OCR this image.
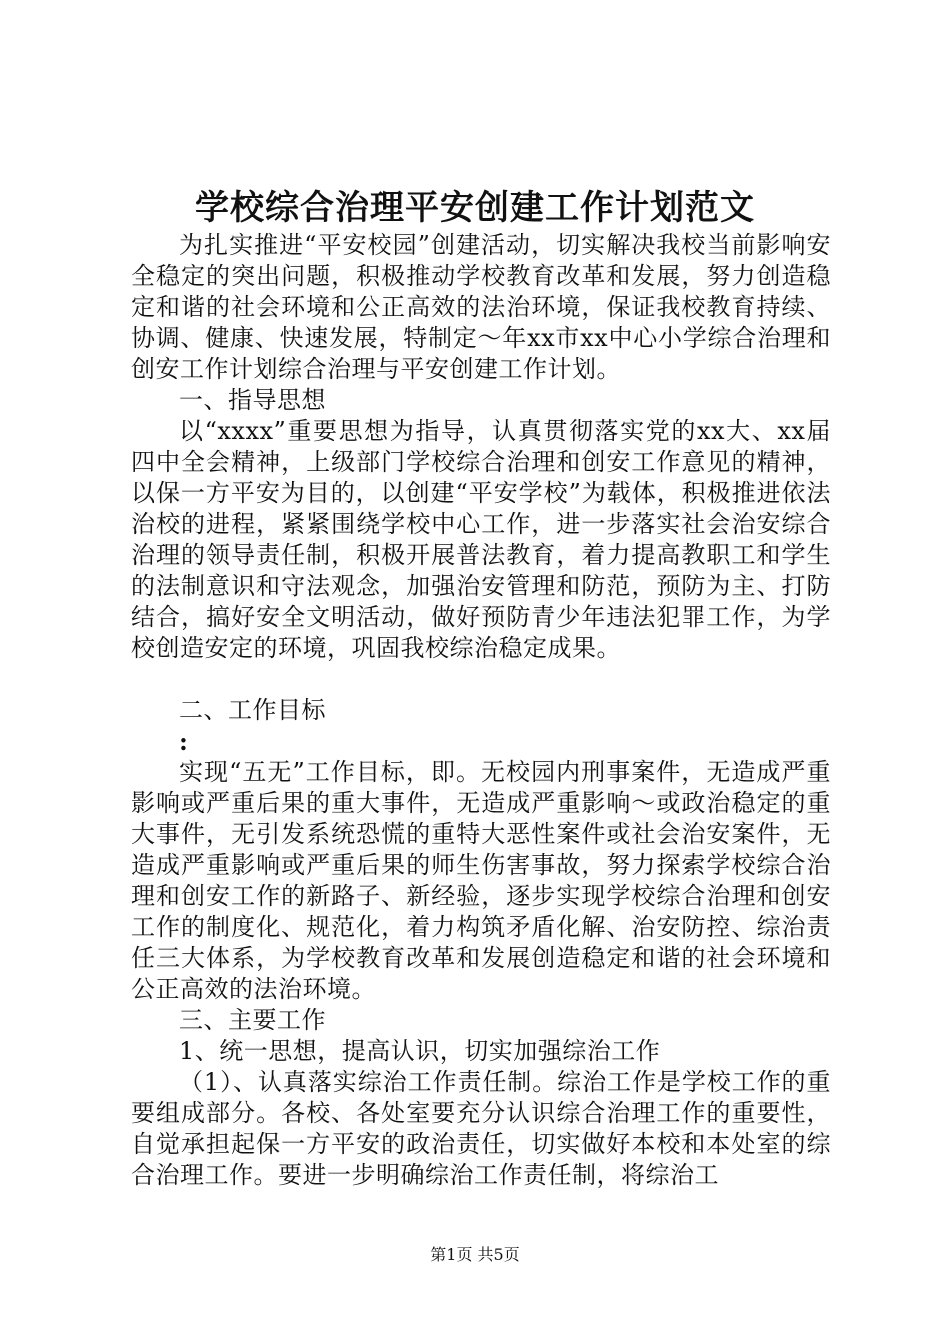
学校综合治理平安创建工作计划范文

为扎实推进“平安校园”创建活动，切实解决我校当前影响安全稳定的突出问题，积极推动学校教育改革和发展，努力创造稳定和谐的社会环境和公正高效的法治环境，保证我校教育持续、协调、健康、快速发展，特制定～年xx市xx中心小学综合治理和创安工作计划综合治理与平安创建工作计划。

一、指导思想

以“xxxx”重要思想为指导，认真贯彻落实党的xx大、xx届四中全会精神，上级部门学校综合治理和创安工作意见的精神，以保一方平安为目的，以创建“平安学校”为载体，积极推进依法治校的进程，紧紧围绕学校中心工作，进一步落实社会治安综合治理的领导责任制，积极开展普法教育，着力提高教职工和学生的法制意识和守法观念，加强治安管理和防范，预防为主、打防结合，搞好安全文明活动，做好预防青少年违法犯罪工作，为学校创造安定的环境，巩固我校综治稳定成果。

二、工作目标

:

实现“五无”工作目标，即。无校园内刑事案件，无造成严重影响或严重后果的重大事件，无造成严重影响～或政治稳定的重大事件，无引发系统恐慌的重特大恶性案件或社会治安案件，无造成严重影响或严重后果的师生伤害事故，努力探索学校综合治理和创安工作的新路子、新经验，逐步实现学校综合治理和创安工作的制度化、规范化，着力构筑矛盾化解、治安防控、综治责任三大体系，为学校教育改革和发展创造稳定和谐的社会环境和公正高效的法治环境。

三、主要工作

1、统一思想，提高认识，切实加强综治工作

（1）、认真落实综治工作责任制。综治工作是学校工作的重要组成部分。各校、各处室要充分认识综合治理工作的重要性，自觉承担起保一方平安的政治责任，切实做好本校和本处室的综合治理工作。要进一步明确综治工作责任制，将综治工

第1页 共5页
